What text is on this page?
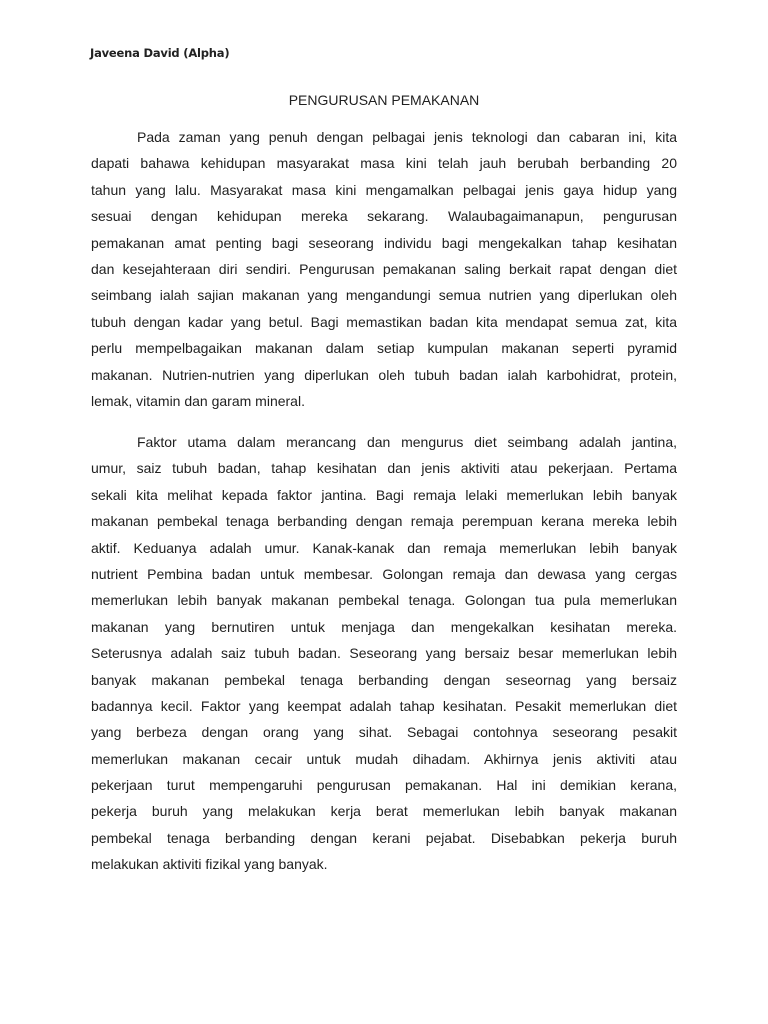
Javeena David (Alpha)
PENGURUSAN PEMAKANAN
Pada zaman yang penuh dengan pelbagai jenis teknologi dan cabaran ini, kita
dapati bahawa kehidupan masyarakat masa kini telah jauh berubah berbanding 20
tahun yang lalu. Masyarakat masa kini mengamalkan pelbagai jenis gaya hidup yang
sesuai dengan kehidupan mereka sekarang. Walaubagaimanapun, pengurusan
pemakanan amat penting bagi seseorang individu bagi mengekalkan tahap kesihatan
dan kesejahteraan diri sendiri. Pengurusan pemakanan saling berkait rapat dengan diet
seimbang ialah sajian makanan yang mengandungi semua nutrien yang diperlukan oleh
tubuh dengan kadar yang betul. Bagi memastikan badan kita mendapat semua zat, kita
perlu mempelbagaikan makanan dalam setiap kumpulan makanan seperti pyramid
makanan. Nutrien-nutrien yang diperlukan oleh tubuh badan ialah karbohidrat, protein,
lemak, vitamin dan garam mineral.
Faktor utama dalam merancang dan mengurus diet seimbang adalah jantina,
umur, saiz tubuh badan, tahap kesihatan dan jenis aktiviti atau pekerjaan. Pertama
sekali kita melihat kepada faktor jantina. Bagi remaja lelaki memerlukan lebih banyak
makanan pembekal tenaga berbanding dengan remaja perempuan kerana mereka lebih
aktif. Keduanya adalah umur. Kanak-kanak dan remaja memerlukan lebih banyak
nutrient Pembina badan untuk membesar. Golongan remaja dan dewasa yang cergas
memerlukan lebih banyak makanan pembekal tenaga. Golongan tua pula memerlukan
makanan yang bernutiren untuk menjaga dan mengekalkan kesihatan mereka.
Seterusnya adalah saiz tubuh badan. Seseorang yang bersaiz besar memerlukan lebih
banyak makanan pembekal tenaga berbanding dengan seseornag yang bersaiz
badannya kecil. Faktor yang keempat adalah tahap kesihatan. Pesakit memerlukan diet
yang berbeza dengan orang yang sihat. Sebagai contohnya seseorang pesakit
memerlukan makanan cecair untuk mudah dihadam. Akhirnya jenis aktiviti atau
pekerjaan turut mempengaruhi pengurusan pemakanan. Hal ini demikian kerana,
pekerja buruh yang melakukan kerja berat memerlukan lebih banyak makanan
pembekal tenaga berbanding dengan kerani pejabat. Disebabkan pekerja buruh
melakukan aktiviti fizikal yang banyak.
